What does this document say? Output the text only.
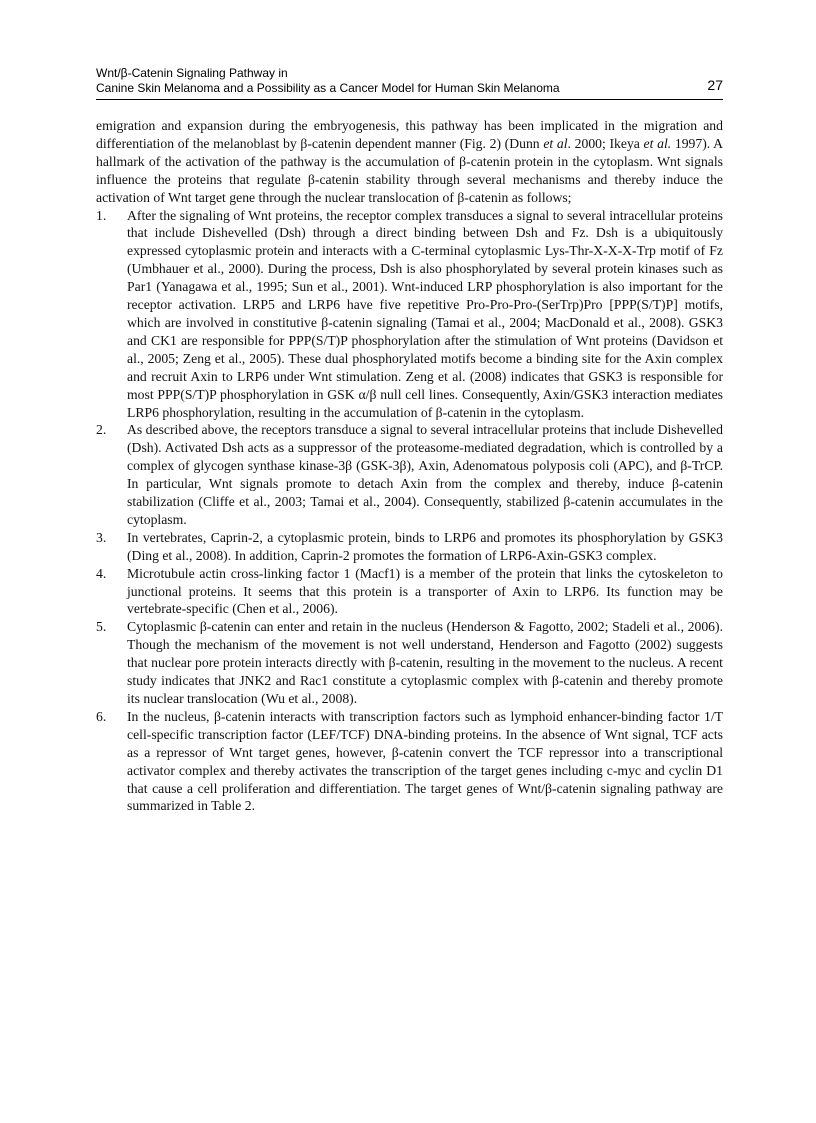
Wnt/β-Catenin Signaling Pathway in
Canine Skin Melanoma and a Possibility as a Cancer Model for Human Skin Melanoma	27

emigration and expansion during the embryogenesis, this pathway has been implicated in the migration and differentiation of the melanoblast by β-catenin dependent manner (Fig. 2) (Dunn et al. 2000; Ikeya et al. 1997). A hallmark of the activation of the pathway is the accumulation of β-catenin protein in the cytoplasm. Wnt signals influence the proteins that regulate β-catenin stability through several mechanisms and thereby induce the activation of Wnt target gene through the nuclear translocation of β-catenin as follows;

1. After the signaling of Wnt proteins, the receptor complex transduces a signal to several intracellular proteins that include Dishevelled (Dsh) through a direct binding between Dsh and Fz. Dsh is a ubiquitously expressed cytoplasmic protein and interacts with a C-terminal cytoplasmic Lys-Thr-X-X-X-Trp motif of Fz (Umbhauer et al., 2000). During the process, Dsh is also phosphorylated by several protein kinases such as Par1 (Yanagawa et al., 1995; Sun et al., 2001). Wnt-induced LRP phosphorylation is also important for the receptor activation. LRP5 and LRP6 have five repetitive Pro-Pro-Pro-(SerTrp)Pro [PPP(S/T)P] motifs, which are involved in constitutive β-catenin signaling (Tamai et al., 2004; MacDonald et al., 2008). GSK3 and CK1 are responsible for PPP(S/T)P phosphorylation after the stimulation of Wnt proteins (Davidson et al., 2005; Zeng et al., 2005). These dual phosphorylated motifs become a binding site for the Axin complex and recruit Axin to LRP6 under Wnt stimulation. Zeng et al. (2008) indicates that GSK3 is responsible for most PPP(S/T)P phosphorylation in GSK α/β null cell lines. Consequently, Axin/GSK3 interaction mediates LRP6 phosphorylation, resulting in the accumulation of β-catenin in the cytoplasm.
2. As described above, the receptors transduce a signal to several intracellular proteins that include Dishevelled (Dsh). Activated Dsh acts as a suppressor of the proteasome-mediated degradation, which is controlled by a complex of glycogen synthase kinase-3β (GSK-3β), Axin, Adenomatous polyposis coli (APC), and β-TrCP. In particular, Wnt signals promote to detach Axin from the complex and thereby, induce β-catenin stabilization (Cliffe et al., 2003; Tamai et al., 2004). Consequently, stabilized β-catenin accumulates in the cytoplasm.
3. In vertebrates, Caprin-2, a cytoplasmic protein, binds to LRP6 and promotes its phosphorylation by GSK3 (Ding et al., 2008). In addition, Caprin-2 promotes the formation of LRP6-Axin-GSK3 complex.
4. Microtubule actin cross-linking factor 1 (Macf1) is a member of the protein that links the cytoskeleton to junctional proteins. It seems that this protein is a transporter of Axin to LRP6. Its function may be vertebrate-specific (Chen et al., 2006).
5. Cytoplasmic β-catenin can enter and retain in the nucleus (Henderson & Fagotto, 2002; Stadeli et al., 2006). Though the mechanism of the movement is not well understand, Henderson and Fagotto (2002) suggests that nuclear pore protein interacts directly with β-catenin, resulting in the movement to the nucleus. A recent study indicates that JNK2 and Rac1 constitute a cytoplasmic complex with β-catenin and thereby promote its nuclear translocation (Wu et al., 2008).
6. In the nucleus, β-catenin interacts with transcription factors such as lymphoid enhancer-binding factor 1/T cell-specific transcription factor (LEF/TCF) DNA-binding proteins. In the absence of Wnt signal, TCF acts as a repressor of Wnt target genes, however, β-catenin convert the TCF repressor into a transcriptional activator complex and thereby activates the transcription of the target genes including c-myc and cyclin D1 that cause a cell proliferation and differentiation. The target genes of Wnt/β-catenin signaling pathway are summarized in Table 2.
